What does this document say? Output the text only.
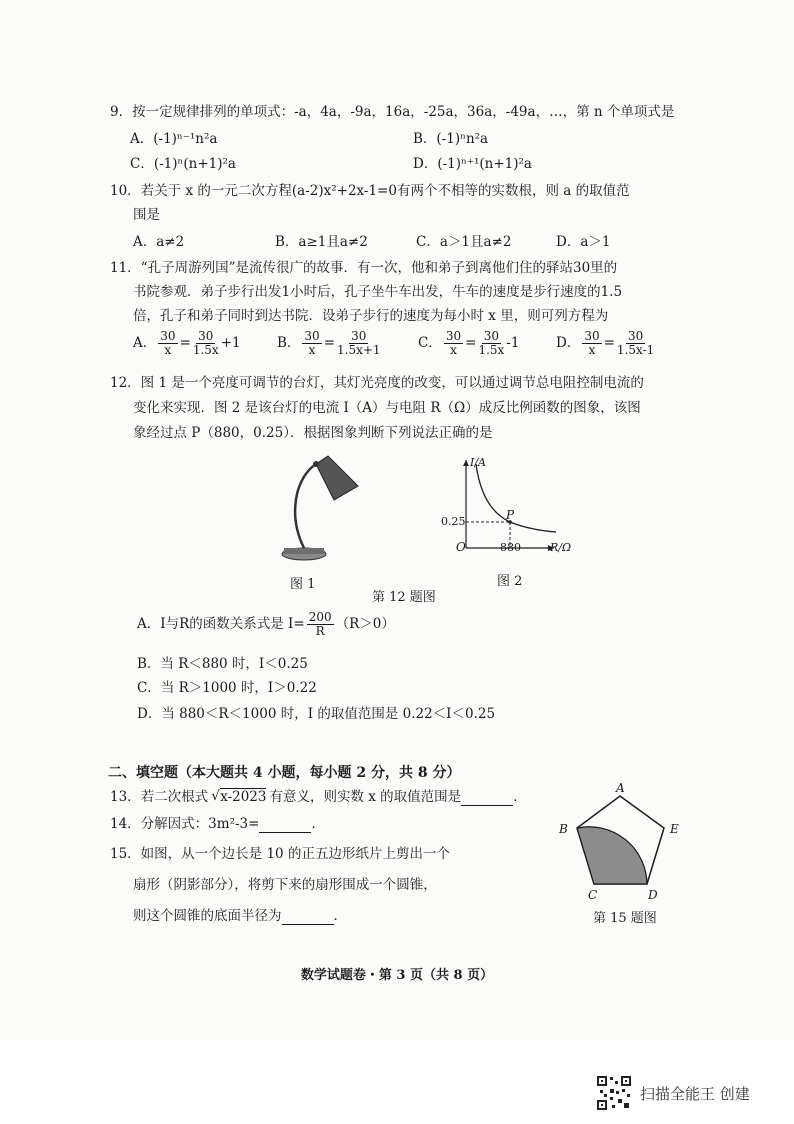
9．按一定规律排列的单项式：-a，4a，-9a，16a，-25a，36a，-49a，…，第 n 个单项式是
A．(-1)ⁿ⁻¹n²a	B．(-1)ⁿn²a
C．(-1)ⁿ(n+1)²a	D．(-1)ⁿ⁺¹(n+1)²a
10．若关于 x 的一元二次方程(a-2)x²+2x-1=0有两个不相等的实数根，则 a 的取值范
围是
A．a≠2	B．a≥1且a≠2	C．a＞1且a≠2	D．a＞1
11．“孔子周游列国”是流传很广的故事．有一次，他和弟子到离他们住的驿站30里的
书院参观．弟子步行出发1小时后，孔子坐牛车出发，牛车的速度是步行速度的1.5
倍，孔子和弟子同时到达书院．设弟子步行的速度为每小时 x 里，则可列方程为
A． $\frac{30}{x} = \frac{30}{1.5x} +1$	B． $\frac{30}{x} = \frac{30}{1.5x+1}$	C． $\frac{30}{x} = \frac{30}{1.5x} -1$	D． $\frac{30}{x} = \frac{30}{1.5x-1}$
12．图 1 是一个亮度可调节的台灯，其灯光亮度的改变，可以通过调节总电阻控制电流的
变化来实现．图 2 是该台灯的电流 I（A）与电阻 R（Ω）成反比例函数的图象，该图
象经过点 P（880，0.25）．根据图象判断下列说法正确的是
图 1
I/A
R/Ω
O
P
0.25
880
图 2
第 12 题图
A．I与R的函数关系式是 $I= \frac{200}{R} (R>0)$
B．当 R＜880 时，I＜0.25
C．当 R＞1000 时，I＞0.22
D．当 880＜R＜1000 时，I 的取值范围是 0.22＜I＜0.25
二、填空题（本大题共 4 小题，每小题 2 分，共 8 分）
13．若二次根式 √ x-2023 有意义，则实数 x 的取值范围是	．
14．分解因式：3m²-3=	．
15．如图，从一个边长是 10 的正五边形纸片上剪出一个
扇形（阴影部分），将剪下来的扇形围成一个圆锥，
则这个圆锥的底面半径为	．
A
B
C	D
E
第 15 题图
数学试题卷・第 3 页（共 8 页）
扫描全能王 创建
